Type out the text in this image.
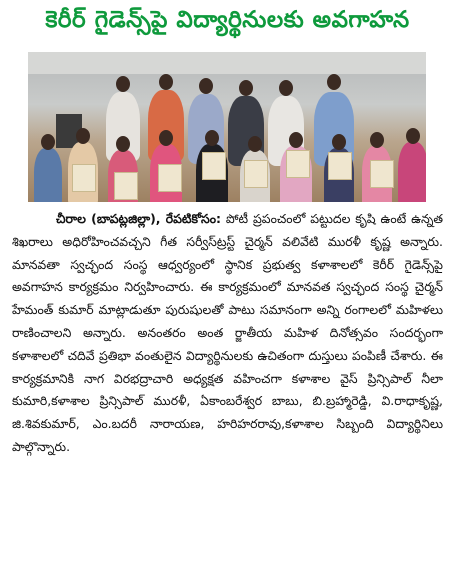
కెరీర్ గైడెన్స్‌పై విద్యార్థినులకు అవగాహన

చీరాల (బాపట్లజిల్లా), రేపటికోసం: పోటీ ప్రపంచంలో పట్టుదల కృషి ఉంటే ఉన్నత శిఖరాలు అధిరోహించవచ్చని గీత సర్వీస్‌ట్రస్ట్ చైర్మన్ వలివేటి మురళీ కృష్ణ అన్నారు. మానవతా స్వచ్ఛంద సంస్థ ఆధ్వర్యంలో స్థానిక ప్రభుత్వ కళాశాలలో కెరీర్ గైడెన్స్‌పై అవగాహన కార్యక్రమం నిర్వహించారు. ఈ కార్యక్రమంలో మానవత స్వచ్ఛంద సంస్థ చైర్మన్ హేమంత్ కుమార్ మాట్లాడుతూ పురుషులతో పాటు సమానంగా అన్ని రంగాలలో మహిళలు రాణించాలని అన్నారు. అనంతరం అంత ర్జాతీయ మహిళ దినోత్సవం సందర్భంగా కళాశాలలో చదివే ప్రతిభా వంతులైన విద్యార్థినులకు ఉచితంగా దుస్తులు పంపిణీ చేశారు. ఈ కార్యక్రమానికి నాగ విరభద్రాచారి అధ్యక్షత వహించగా కళాశాల వైస్ ప్రిన్సిపాల్ నీలా కుమారి,కళాశాల ప్రిన్సిపాల్ మురళీ, ఏకాంబరేశ్వర బాబు, బి.బ్రహ్మారెడ్డి, వి.రాధాకృష్ణ, జి.శివకుమార్, ఎం.బదరీ నారాయణ, హరిహరరావు,కళాశాల సిబ్బంది విద్యార్థినిలు పాల్గొన్నారు.
